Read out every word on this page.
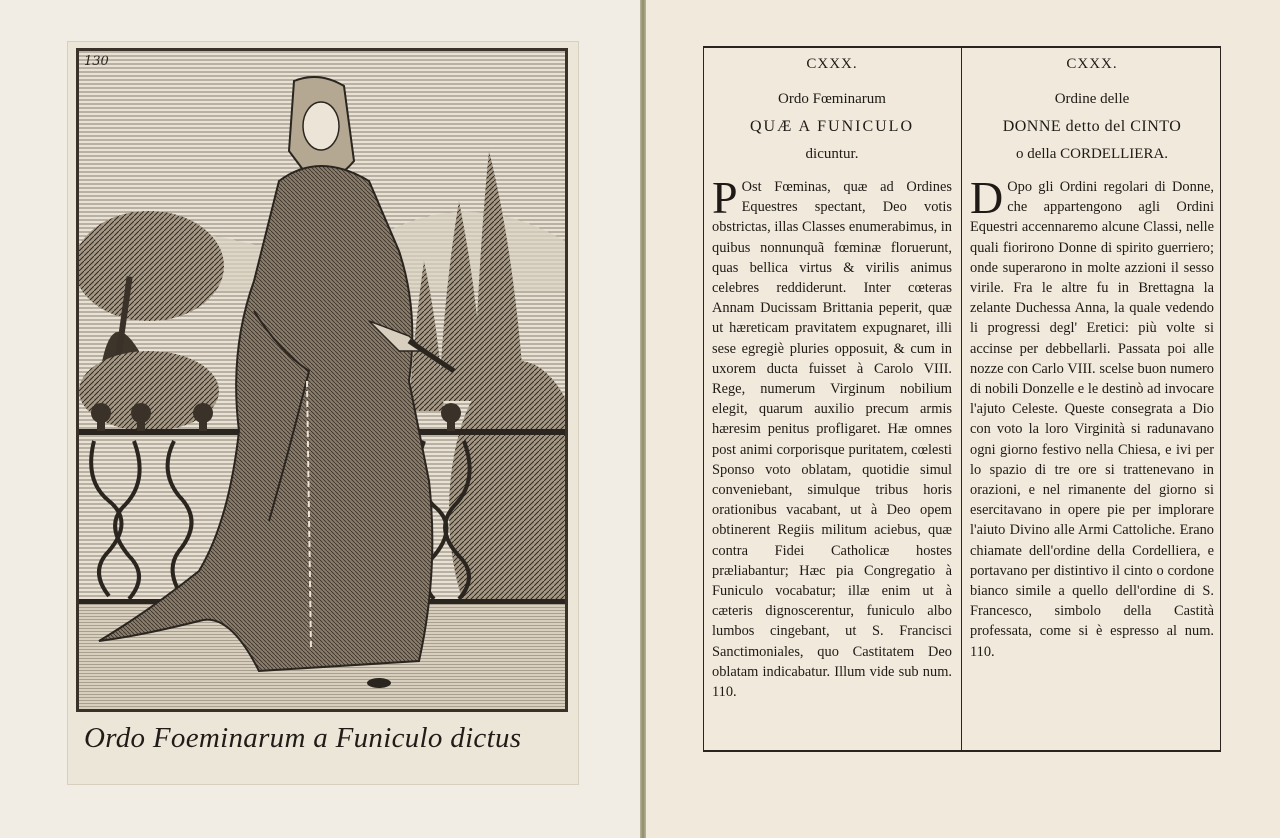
130
Ordo Foeminarum a Funiculo dictus
CXXX.
Ordo Fœminarum
QUÆ A FUNICULO
dicuntur.
P Ost Fœminas, quæ ad Ordines Equestres spectant, Deo votis obstrictas, illas Classes enumerabimus, in quibus nonnunquã fœminæ floruerunt, quas bellica virtus & virilis animus celebres reddiderunt. Inter cœteras Annam Ducissam Brittania peperit, quæ ut hæreticam pravitatem expugnaret, illi sese egregiè pluries opposuit, & cum in uxorem ducta fuisset à Carolo VIII. Rege, numerum Virginum nobilium elegit, quarum auxilio precum armis hæresim penitus profligaret. Hæ omnes post animi corporisque puritatem, cœlesti Sponso voto oblatam, quotidie simul conveniebant, simulque tribus horis orationibus vacabant, ut à Deo opem obtinerent Regiis militum aciebus, quæ contra Fidei Catholicæ hostes præliabantur; Hæc pia Congregatio à Funiculo vocabatur; illæ enim ut à cæteris dignoscerentur, funiculo albo lumbos cingebant, ut S. Francisci Sanctimoniales, quo Castitatem Deo oblatam indicabatur. Illum vide sub num. 110.
CXXX.
Ordine delle
DONNE detto del CINTO
o della CORDELLIERA.
D Opo gli Ordini regolari di Donne, che appartengono agli Ordini Equestri accennaremo alcune Classi, nelle quali fiorirono Donne di spirito guerriero; onde superarono in molte azzioni il sesso virile. Fra le altre fu in Brettagna la zelante Duchessa Anna, la quale vedendo li progressi degl' Eretici: più volte si accinse per debbellarli. Passata poi alle nozze con Carlo VIII. scelse buon numero di nobili Donzelle e le destinò ad invocare l'ajuto Celeste. Queste consegrata a Dio con voto la loro Virginità si radunavano ogni giorno festivo nella Chiesa, e ivi per lo spazio di tre ore si trattenevano in orazioni, e nel rimanente del giorno si esercitavano in opere pie per implorare l'aiuto Divino alle Armi Cattoliche. Erano chiamate dell'ordine della Cordelliera, e portavano per distintivo il cinto o cordone bianco simile a quello dell'ordine di S. Francesco, simbolo della Castità professata, come si è espresso al num. 110.
